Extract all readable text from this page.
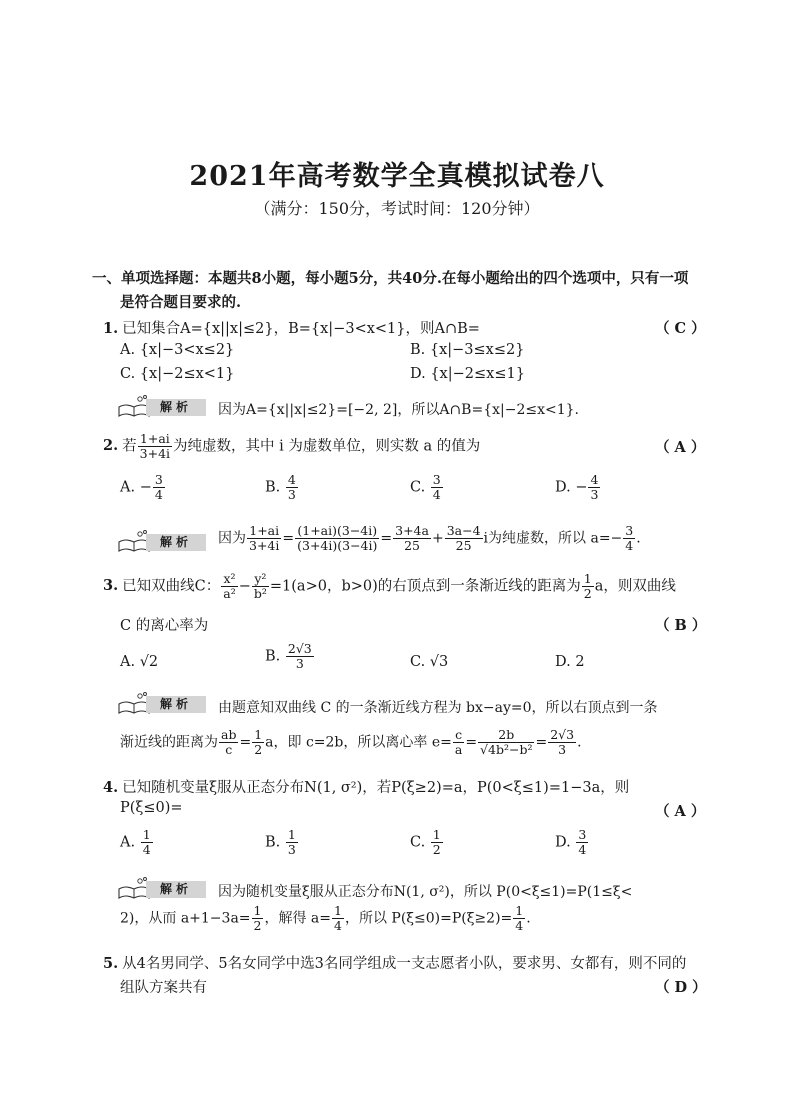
2021年高考数学全真模拟试卷八
（满分：150分，考试时间：120分钟）
一、单项选择题：本题共8小题，每小题5分，共40分.在每小题给出的四个选项中，只有一项
是符合题目要求的.
1. 已知集合A={x||x|≤2}，B={x|−3<x<1}，则A∩B=	（ C ）
A. {x|−3<x≤2}	B. {x|−3≤x≤2}
C. {x|−2≤x<1}	D. {x|−2≤x≤1}
解析	因为A={x||x|≤2}=[−2, 2]，所以A∩B={x|−2≤x<1}.
2. 若 $\frac{1+ai}{3+4i}$ 为纯虚数，其中 i 为虚数单位，则实数 a 的值为	（ A ）
A. − $\frac{3}{4}$	B. $\frac{4}{3}$	C. $\frac{3}{4}$	D. − $\frac{4}{3}$
解析	因为 $\frac{1+ai}{3+4i} = \frac{(1+ai)(3-4i)}{(3+4i)(3-4i)} = \frac{3+4a}{25} + \frac{3a-4}{25}$ i为纯虚数，所以 $a=- \frac{3}{4}$ .
3. 已知双曲线C： $\frac{\text{x²}}{\text{a²}} - \frac{\text{y²}}{\text{b²}} =1(a>0$，b>0)的右顶点到一条渐近线的距离为 $\frac{1}{2}$ a，则双曲线
C 的离心率为	（ B ）
A. √2	B. $\frac{2√3}{3}$	C. √3	D. 2
解析	由题意知双曲线 C 的一条渐近线方程为 bx−ay=0，所以右顶点到一条
渐近线的距离为 $\frac{ab}{c} = \frac{1}{2}$ a，即 c=2b，所以离心率 $e= \frac{c}{a} = \frac{2b}{\text{√4b²−b²}} = \frac{2√3}{3}$ .
4. 已知随机变量ξ服从正态分布N(1, σ²)，若P(ξ≥2)=a，P(0<ξ≤1)=1−3a，则
P(ξ≤0)=	（ A ）
A. $\frac{1}{4}$	B. $\frac{1}{3}$	C. $\frac{1}{2}$	D. $\frac{3}{4}$
解析	因为随机变量ξ服从正态分布N(1, σ²)，所以 P(0<ξ≤1)=P(1≤ξ<
2)，从而 $a+1-3a= \frac{1}{2}$ ，解得 $a= \frac{1}{4}$ ，所以 $P(\xi\le 0)=P(\xi\ge 2)= \frac{1}{4}$ .
5. 从4名男同学、5名女同学中选3名同学组成一支志愿者小队，要求男、女都有，则不同的
组队方案共有	（ D ）
